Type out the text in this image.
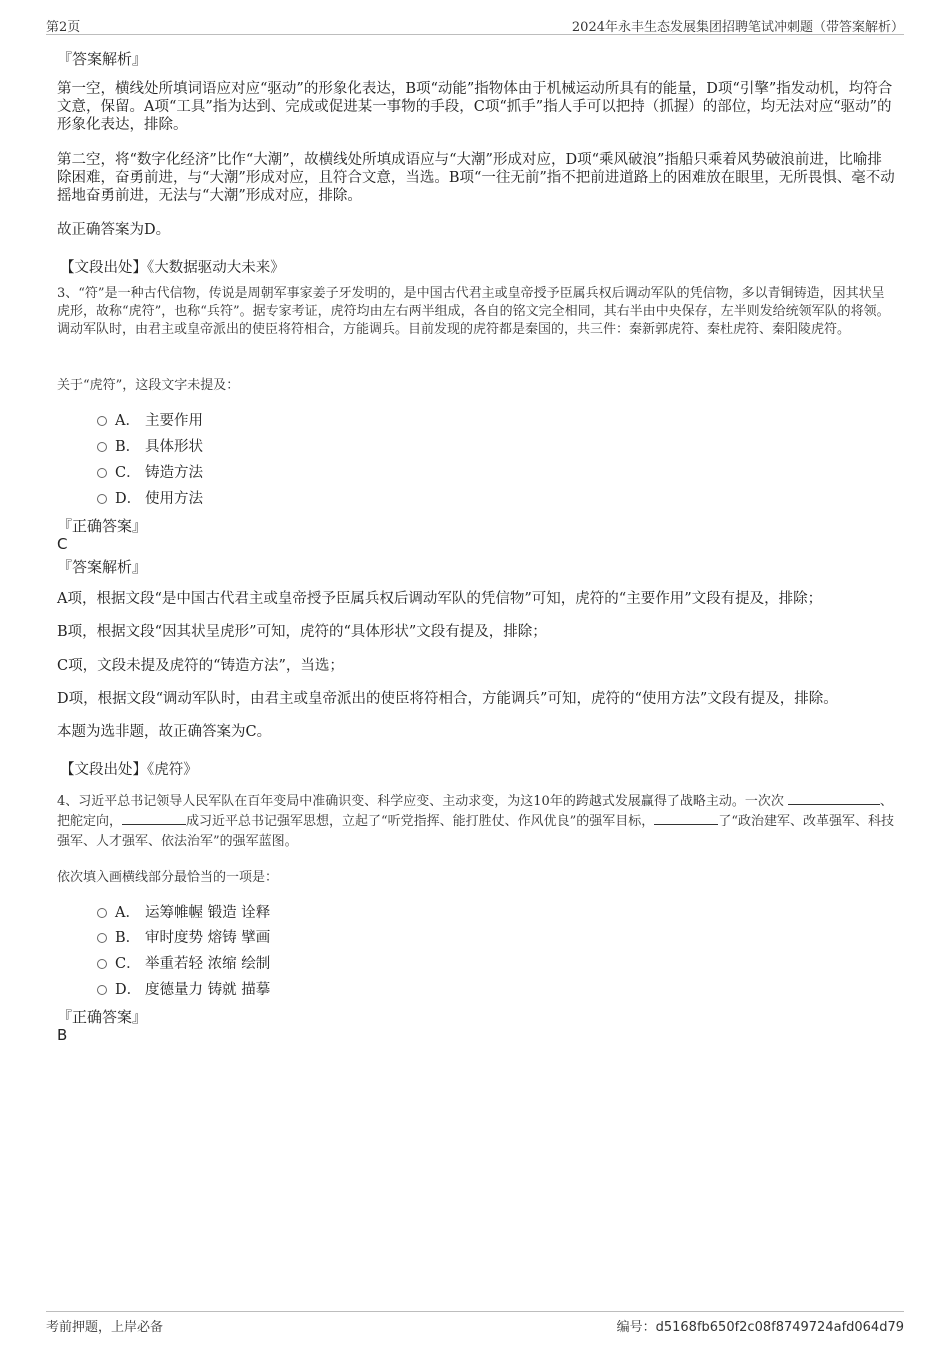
第2页	2024年永丰生态发展集团招聘笔试冲刺题（带答案解析）
『答案解析』
第一空，横线处所填词语应对应“驱动”的形象化表达，B项“动能”指物体由于机械运动所具有的能量，D项“引擎”指发动机，均符合文意，保留。A项“工具”指为达到、完成或促进某一事物的手段，C项“抓手”指人手可以把持（抓握）的部位，均无法对应“驱动”的形象化表达，排除。
第二空，将“数字化经济”比作“大潮”，故横线处所填成语应与“大潮”形成对应，D项“乘风破浪”指船只乘着风势破浪前进，比喻排除困难，奋勇前进，与“大潮”形成对应，且符合文意，当选。B项“一往无前”指不把前进道路上的困难放在眼里，无所畏惧、毫不动摇地奋勇前进，无法与“大潮”形成对应，排除。
故正确答案为D。
【文段出处】《大数据驱动大未来》
3、“符”是一种古代信物，传说是周朝军事家姜子牙发明的，是中国古代君主或皇帝授予臣属兵权后调动军队的凭信物，多以青铜铸造，因其状呈虎形，故称“虎符”，也称“兵符”。据专家考证，虎符均由左右两半组成，各自的铭文完全相同，其右半由中央保存，左半则发给统领军队的将领。调动军队时，由君主或皇帝派出的使臣将符相合，方能调兵。目前发现的虎符都是秦国的，共三件：秦新郭虎符、秦杜虎符、秦阳陵虎符。
关于“虎符”，这段文字未提及：
A． 主要作用
B． 具体形状
C． 铸造方法
D． 使用方法
『正确答案』
C
『答案解析』
A项，根据文段“是中国古代君主或皇帝授予臣属兵权后调动军队的凭信物”可知，虎符的“主要作用”文段有提及，排除；
B项，根据文段“因其状呈虎形”可知，虎符的“具体形状”文段有提及，排除；
C项，文段未提及虎符的“铸造方法”，当选；
D项，根据文段“调动军队时，由君主或皇帝派出的使臣将符相合，方能调兵”可知，虎符的“使用方法”文段有提及，排除。
本题为选非题，故正确答案为C。
【文段出处】《虎符》
4、习近平总书记领导人民军队在百年变局中准确识变、科学应变、主动求变，为这10年的跨越式发展赢得了战略主动。一次次	、把舵定向，	成习近平总书记强军思想，立起了“听党指挥、能打胜仗、作风优良”的强军目标，	了“政治建军、改革强军、科技强军、人才强军、依法治军”的强军蓝图。
依次填入画横线部分最恰当的一项是：
A． 运筹帷幄 锻造 诠释
B． 审时度势 熔铸 擘画
C． 举重若轻 浓缩 绘制
D． 度德量力 铸就 描摹
『正确答案』
B
考前押题，上岸必备	编号：d5168fb650f2c08f8749724afd064d79
